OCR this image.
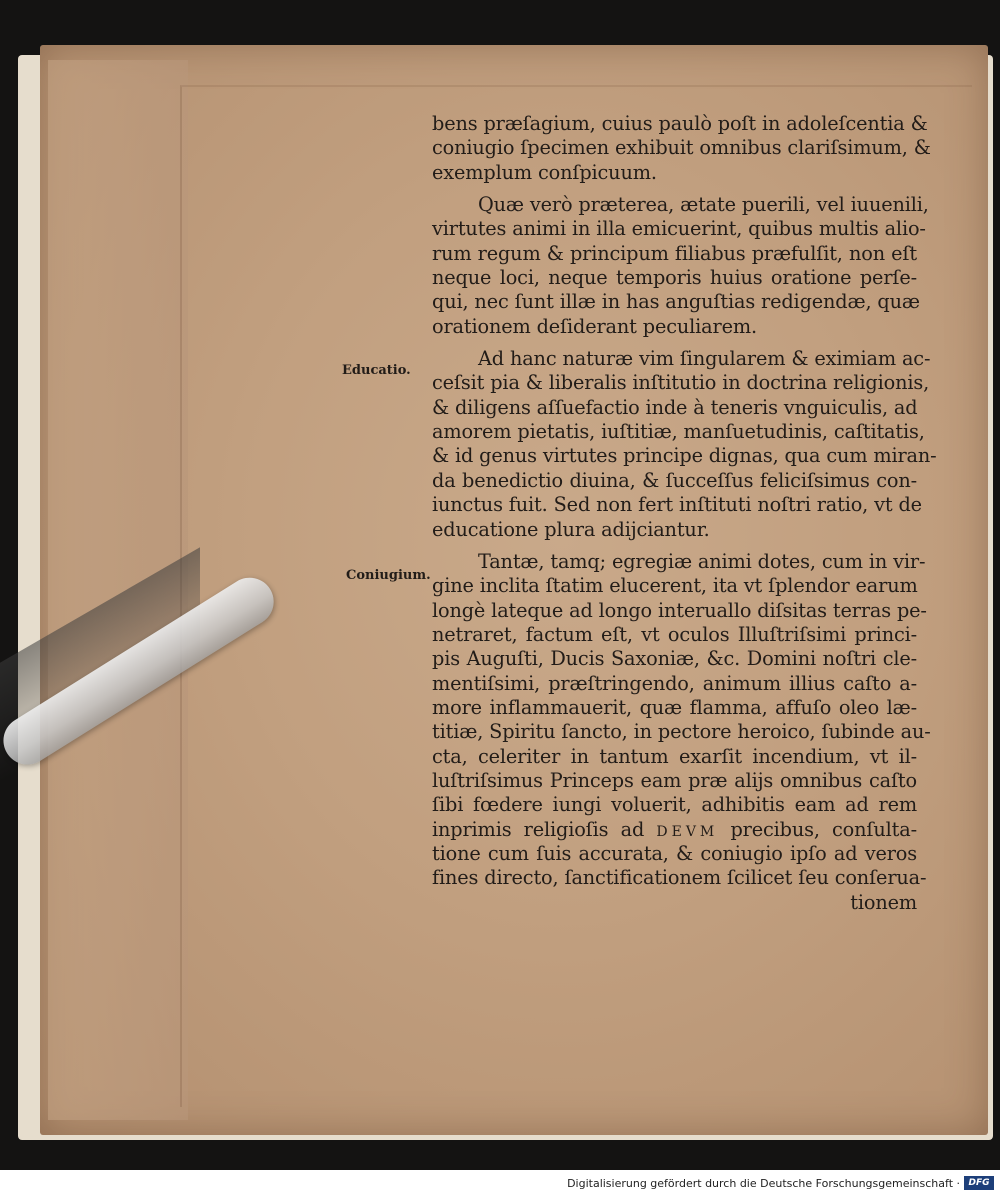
Educatio.
Coniugium.
bens præſagium, cuius paulò poſt in adoleſcentia &
coniugio ſpecimen exhibuit omnibus clariſsimum, &
exemplum conſpicuum.
Quæ verò præterea, ætate puerili, vel iuuenili,
virtutes animi in illa emicuerint, quibus multis alio-
rum regum & principum filiabus præfulſit, non eſt
neque loci, neque temporis huius oratione perſe-
qui, nec ſunt illæ in has anguſtias redigendæ, quæ
orationem deſiderant peculiarem.
Ad hanc naturæ vim ſingularem & eximiam ac-
ceſsit pia & liberalis inſtitutio in doctrina religionis,
& diligens aſſuefactio inde à teneris vnguiculis, ad
amorem pietatis, iuſtitiæ, manſuetudinis, caſtitatis,
& id genus virtutes principe dignas, qua cum miran-
da benedictio diuina, & ſucceſſus feliciſsimus con-
iunctus fuit. Sed non fert inſtituti noſtri ratio, vt de
educatione plura adijciantur.
Tantæ, tamq; egregiæ animi dotes, cum in vir-
gine inclita ſtatim elucerent, ita vt ſplendor earum
longè lateque ad longo interuallo diſsitas terras pe-
netraret, factum eſt, vt oculos Illuſtriſsimi princi-
pis Auguſti, Ducis Saxoniæ, &c. Domini noſtri cle-
mentiſsimi, præſtringendo, animum illius caſto a-
more inflammauerit, quæ flamma, affuſo oleo læ-
titiæ, Spiritu ſancto, in pectore heroico, ſubinde au-
cta, celeriter in tantum exarſit incendium, vt il-
luſtriſsimus Princeps eam præ alijs omnibus caſto
ſibi fœdere iungi voluerit, adhibitis eam ad rem
inprimis religioſis ad DEVM precibus, conſulta-
tione cum ſuis accurata, & coniugio ipſo ad veros
fines directo, ſanctificationem ſcilicet ſeu conſerua-
tionem
Digitalisierung gefördert durch die Deutsche Forschungsgemeinschaft · DFG
